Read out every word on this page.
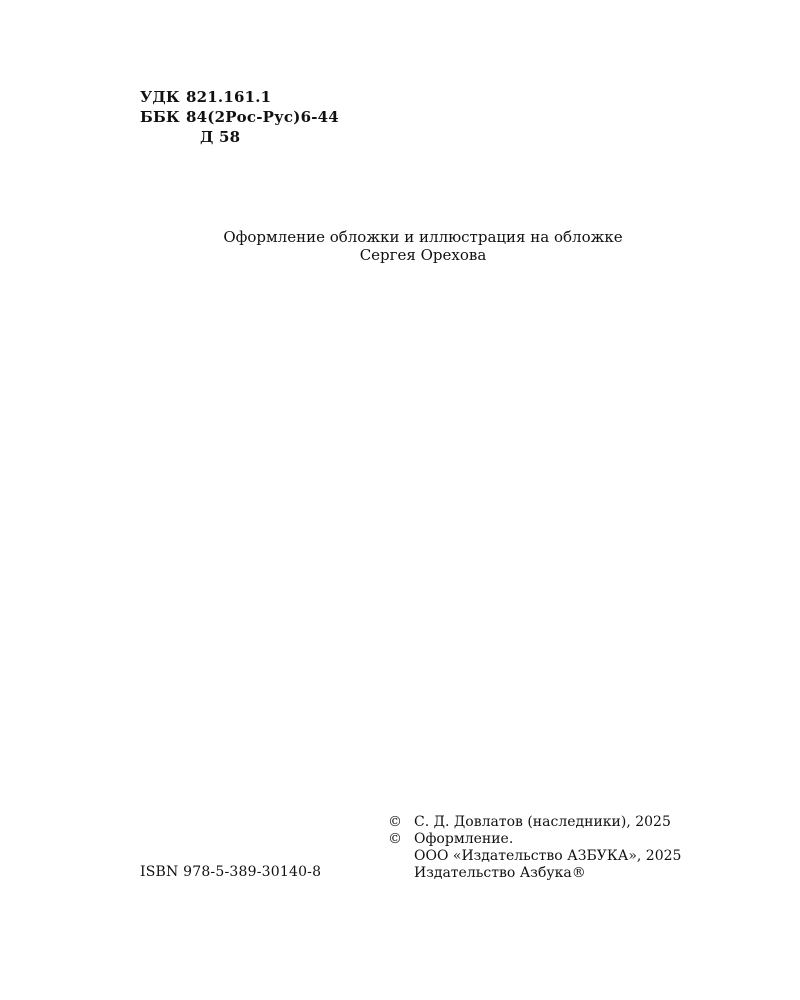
УДК 821.161.1
ББК 84(2Рос-Рус)6-44
Д 58
Оформление обложки и иллюстрация на обложке
Сергея Орехова
© С. Д. Довлатов (наследники), 2025
© Оформление.
ООО «Издательство АЗБУКА», 2025
Издательство Азбука®
ISBN 978-5-389-30140-8
